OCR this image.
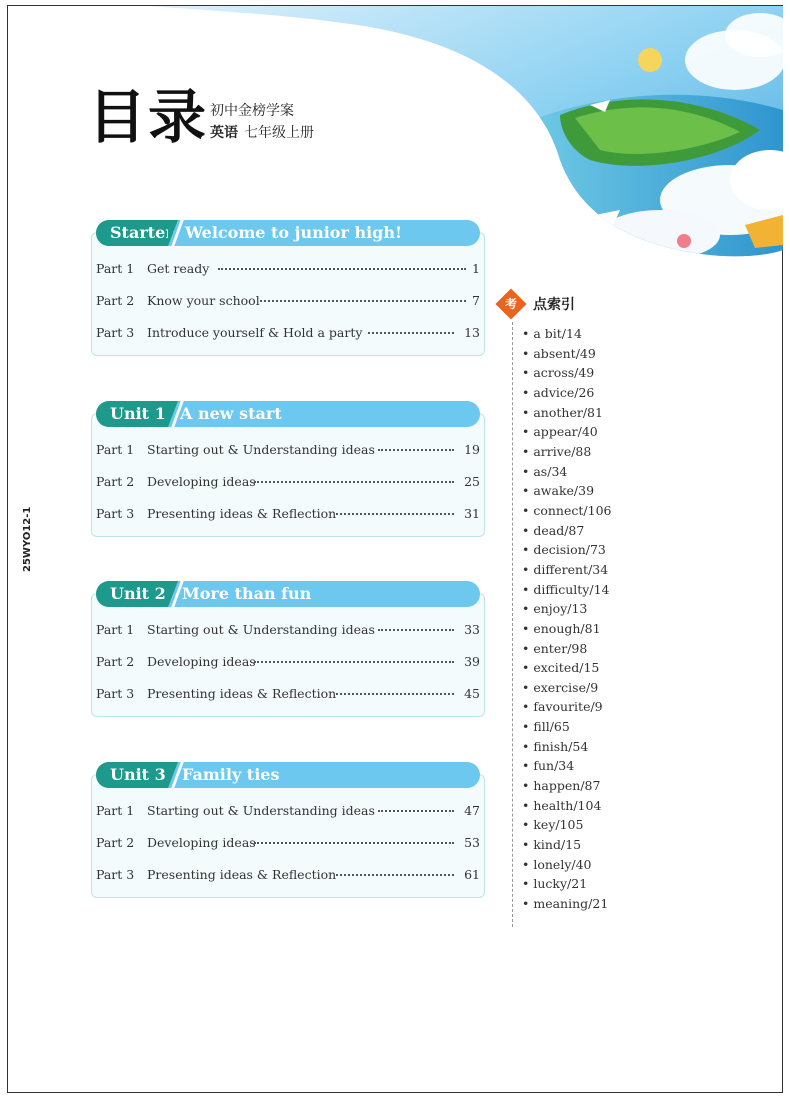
目录 初中金榜学案
英语 七年级上册
25WYO12-1
Starter Welcome to junior high!
Part 1 Get ready	1
Part 2 Know your school	7
Part 3 Introduce yourself & Hold a party	13
Unit 1 A new start
Part 1 Starting out & Understanding ideas	19
Part 2 Developing ideas	25
Part 3 Presenting ideas & Reflection	31
Unit 2 More than fun
Part 1 Starting out & Understanding ideas	33
Part 2 Developing ideas	39
Part 3 Presenting ideas & Reflection	45
Unit 3 Family ties
Part 1 Starting out & Understanding ideas	47
Part 2 Developing ideas	53
Part 3 Presenting ideas & Reflection	61
考	点索引
• a bit/14
• absent/49
• across/49
• advice/26
• another/81
• appear/40
• arrive/88
• as/34
• awake/39
• connect/106
• dead/87
• decision/73
• different/34
• difficulty/14
• enjoy/13
• enough/81
• enter/98
• excited/15
• exercise/9
• favourite/9
• fill/65
• finish/54
• fun/34
• happen/87
• health/104
• key/105
• kind/15
• lonely/40
• lucky/21
• meaning/21
